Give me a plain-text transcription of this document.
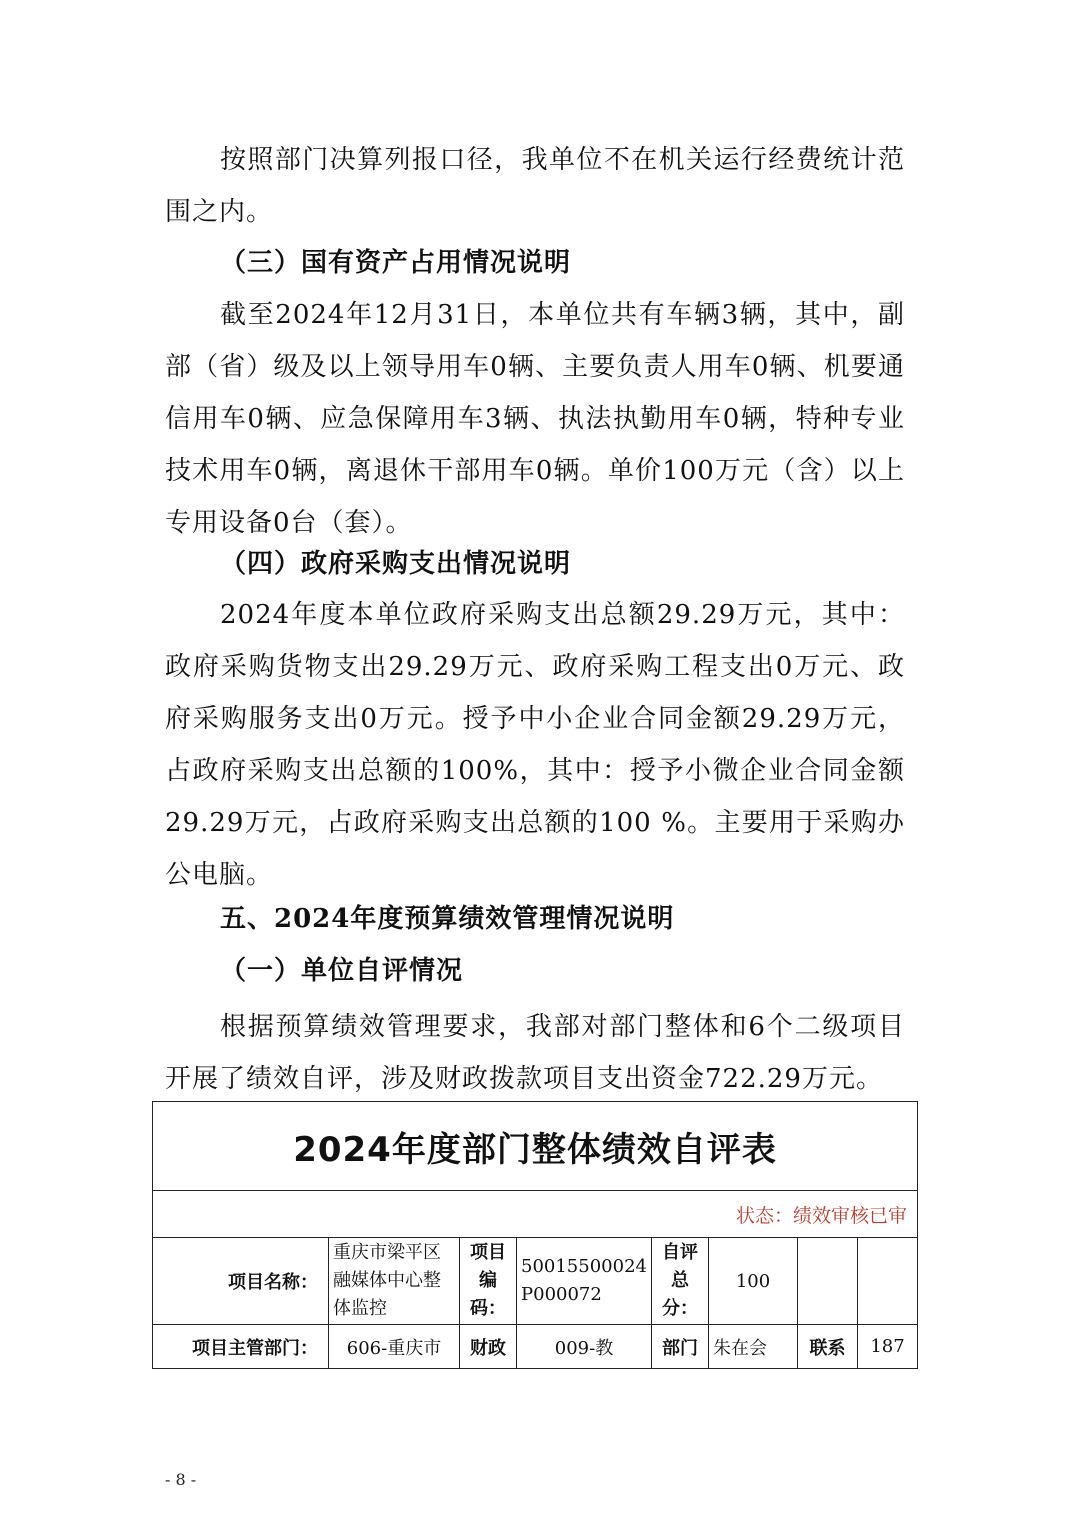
按照部门决算列报口径，我单位不在机关运行经费统计范围之内。

（三）国有资产占用情况说明

截至2024年12月31日，本单位共有车辆3辆，其中，副部（省）级及以上领导用车0辆、主要负责人用车0辆、机要通信用车0辆、应急保障用车3辆、执法执勤用车0辆，特种专业技术用车0辆，离退休干部用车0辆。单价100万元（含）以上专用设备0台（套）。

（四）政府采购支出情况说明

2024年度本单位政府采购支出总额29.29万元，其中：政府采购货物支出29.29万元、政府采购工程支出0万元、政府采购服务支出0万元。授予中小企业合同金额29.29万元，占政府采购支出总额的100%，其中：授予小微企业合同金额29.29万元，占政府采购支出总额的100 %。主要用于采购办公电脑。

五、2024年度预算绩效管理情况说明

（一）单位自评情况

根据预算绩效管理要求，我部对部门整体和6个二级项目开展了绩效自评，涉及财政拨款项目支出资金722.29万元。

2024年度部门整体绩效自评表							
状态：绩效审核已审							
项目名称：	重庆市梁平区融媒体中心整体监控	项目编码：	50015500024P000072	自评总分：	100		
项目主管部门：	606-重庆市	财政	009-教	部门	朱在会	联系	187
- 8 -
